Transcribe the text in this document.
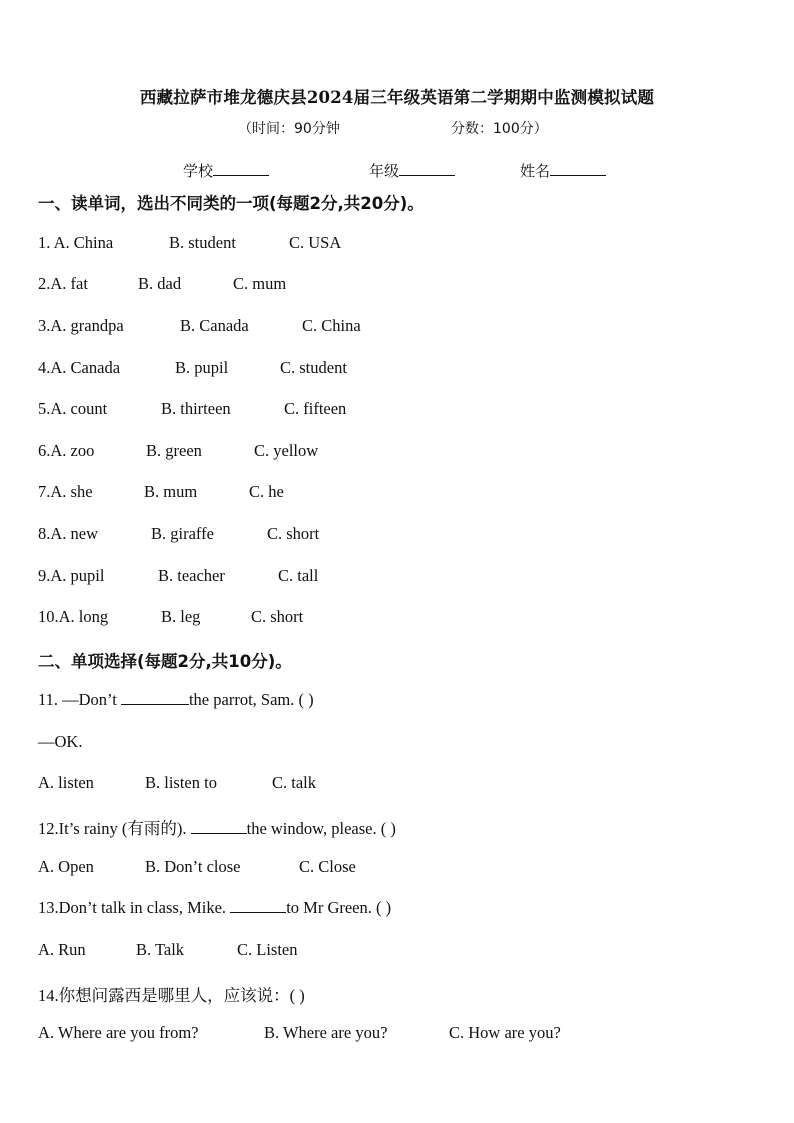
西藏拉萨市堆龙德庆县2024届三年级英语第二学期期中监测模拟试题
（时间：90分钟	分数：100分）
学校	年级	姓名
一、读单词，选出不同类的一项(每题2分,共20分)。
1. A. China	B. student	C. USA
2.A. fat	B. dad	C. mum
3.A. grandpa	B. Canada	C. China
4.A. Canada	B. pupil	C. student
5.A. count	B. thirteen	C. fifteen
6.A. zoo	B. green	C. yellow
7.A. she	B. mum	C. he
8.A. new	B. giraffe	C. short
9.A. pupil	B. teacher	C. tall
10.A. long	B. leg	C. short
二、单项选择(每题2分,共10分)。
11. —Don’t	the parrot, Sam. ( )
—OK.
A. listen	B. listen to	C. talk
12.It’s rainy (有雨的).	the window, please. ( )
A. Open	B. Don’t close	C. Close
13.Don’t talk in class, Mike.	to Mr Green. ( )
A. Run	B. Talk	C. Listen
14.你想问露西是哪里人，应该说：( )
A. Where are you from?	B. Where are you?	C. How are you?
